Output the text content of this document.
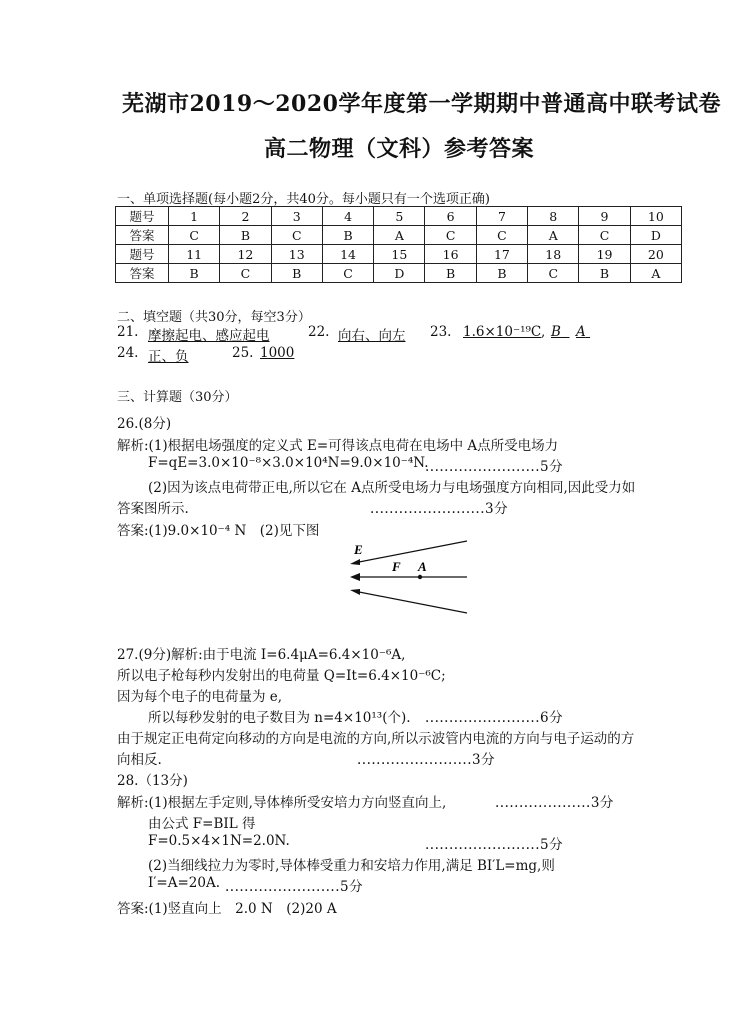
芜湖市2019～2020学年度第一学期期中普通高中联考试卷
高二物理（文科）参考答案
一、单项选择题(每小题2分，共40分。每小题只有一个选项正确)
题号	1	2	3	4	5	6	7	8	9	10
答案	C	B	C	B	A	C	C	A	C	D
题号	11	12	13	14	15	16	17	18	19	20
答案	B	C	B	C	D	B	B	C	B	A
二、填空题（共30分，每空3分）
21. 摩擦起电、感应起电	22. 向右、向左 23. 1.6×10⁻¹⁹C , B	A
24. 正、负	25. 1000
三、计算题（30分）
26.(8分)
解析:(1)根据电场强度的定义式 E=可得该点电荷在电场中 A点所受电场力
F=qE=3.0×10⁻⁸×3.0×10⁴N=9.0×10⁻⁴N.
........................5分
(2)因为该点电荷带正电,所以它在 A点所受电场力与电场强度方向相同,因此受力如
答案图所示.	........................3分
答案:(1)9.0×10⁻⁴ N　(2)见下图
E
F A
27.(9分)解析:由于电流 I=6.4μA=6.4×10⁻⁶A,
所以电子枪每秒内发射出的电荷量 Q=It=6.4×10⁻⁶C;
因为每个电子的电荷量为 e,
所以每秒发射的电子数目为 n=4×10¹³(个). ........................6分
由于规定正电荷定向移动的方向是电流的方向,所以示波管内电流的方向与电子运动的方
向相反.	........................3分
28.（13分)
解析:(1)根据左手定则,导体棒所受安培力方向竖直向上,	....................3分
由公式 F=BIL 得
F=0.5×4×1N=2.0N.	........................5分
(2)当细线拉力为零时,导体棒受重力和安培力作用,满足 BI′L=mg,则
I′=A=20A. ........................5分
答案:(1)竖直向上　2.0 N　(2)20 A
